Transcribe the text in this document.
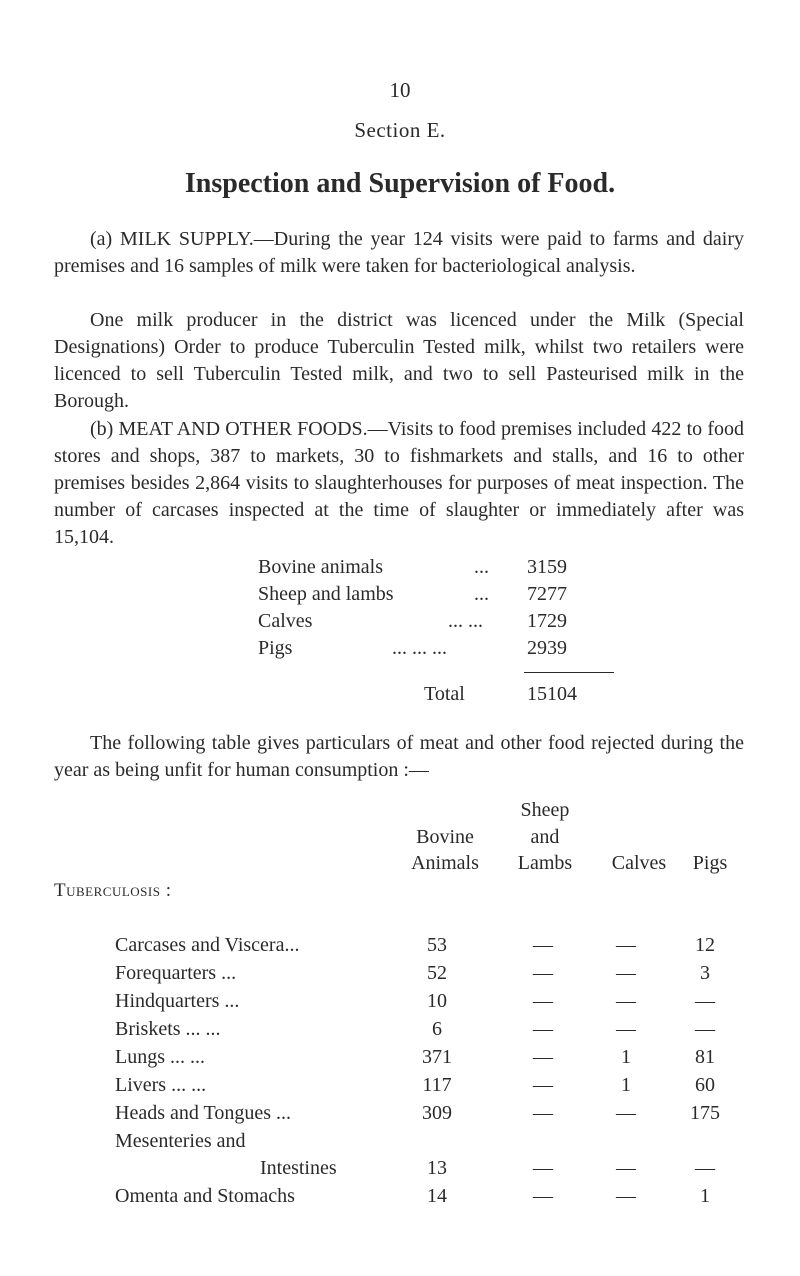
10
Section E.
Inspection and Supervision of Food.
(a) MILK SUPPLY.—During the year 124 visits were paid to farms and dairy premises and 16 samples of milk were taken for bacteriological analysis.
One milk producer in the district was licenced under the Milk (Special Designations) Order to produce Tuberculin Tested milk, whilst two retailers were licenced to sell Tuberculin Tested milk, and two to sell Pasteurised milk in the Borough.
(b) MEAT AND OTHER FOODS.—Visits to food premises included 422 to food stores and shops, 387 to markets, 30 to fishmarkets and stalls, and 16 to other premises besides 2,864 visits to slaughterhouses for purposes of meat inspection. The number of carcases inspected at the time of slaughter or immediately after was 15,104.
Bovine animals	... 3159
Sheep and lambs	... 7277
Calves	... ... 1729
Pigs	... ... ...	2939
Total	15104
The following table gives particulars of meat and other food rejected during the year as being unfit for human consumption :—
Bovine
Animals
Sheep
and
Lambs	Calves	Pigs
Tuberculosis :
Carcases and Viscera...	53	—	—	12
Forequarters ...	52	—	—	3
Hindquarters ...	10	—	—	—
Briskets ... ...	6	—	—	—
Lungs ... ...	371	—	1	81
Livers ... ...	117	—	1	60
Heads and Tongues ...	309	—	—	175
Mesenteries and
Intestines	13	—	—	—
Omenta and Stomachs	14	—	—	1
